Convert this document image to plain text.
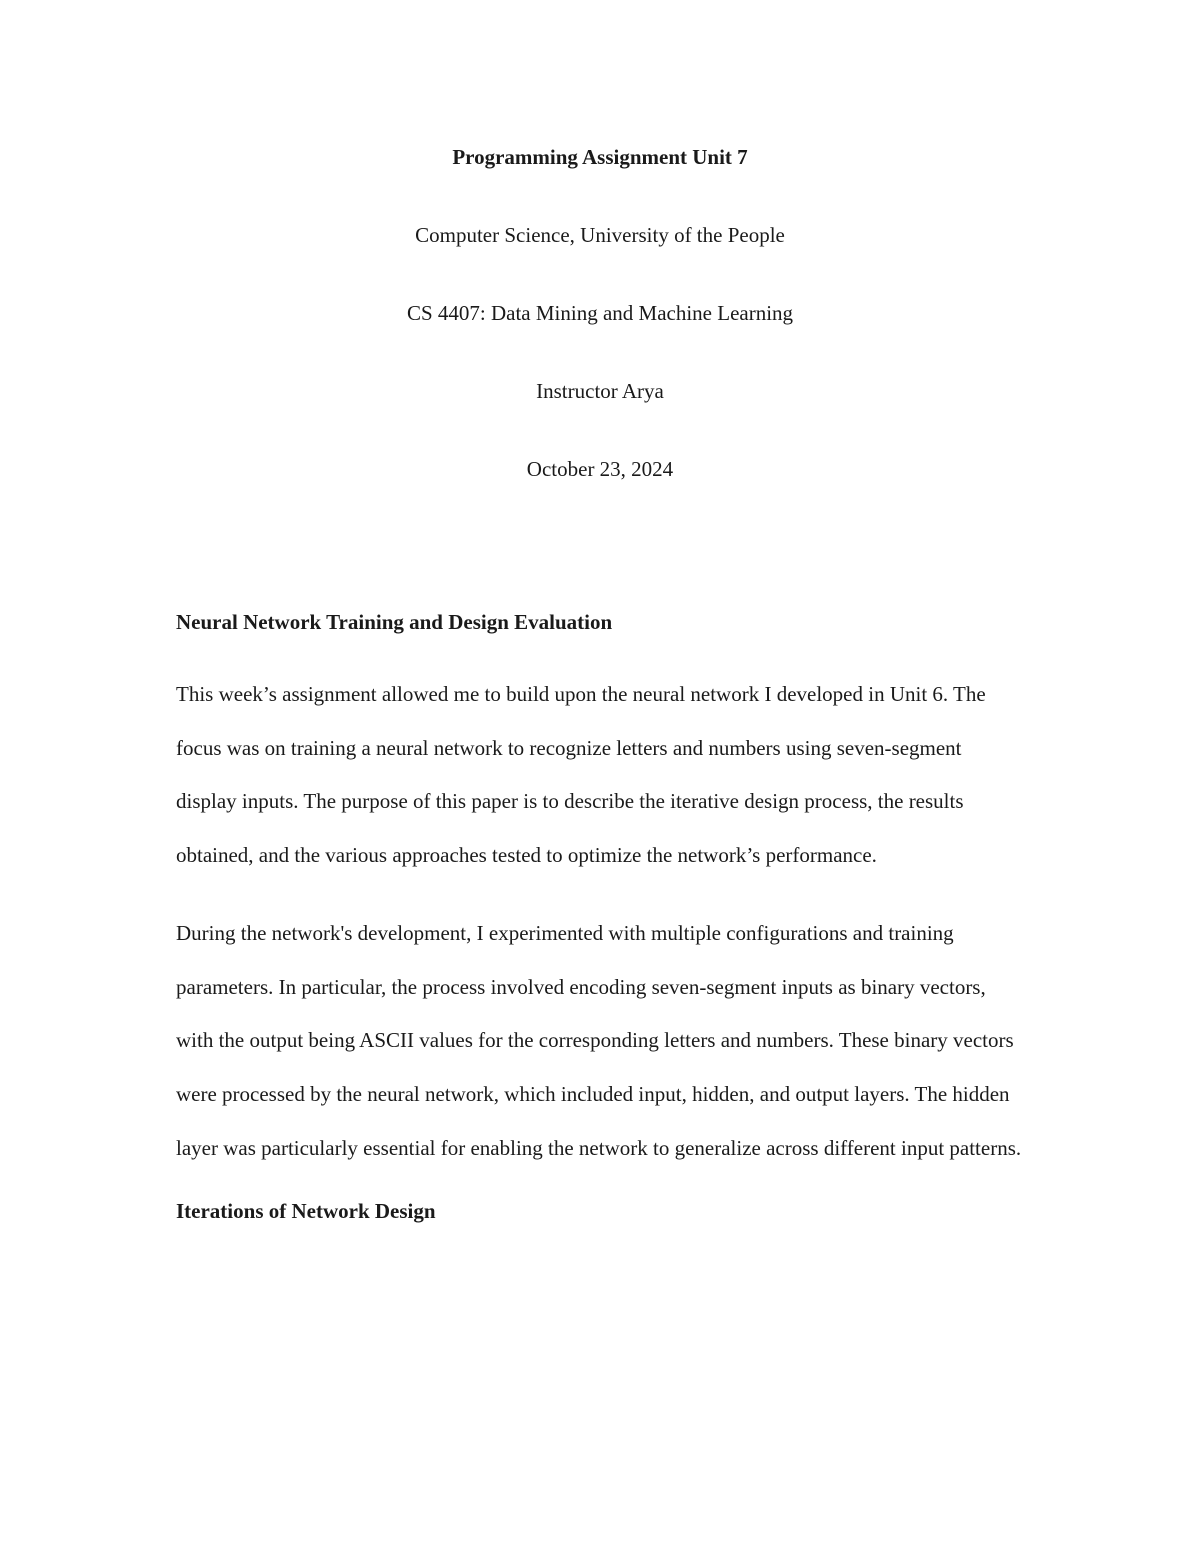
Programming Assignment Unit 7
Computer Science, University of the People
CS 4407: Data Mining and Machine Learning
Instructor Arya
October 23, 2024
Neural Network Training and Design Evaluation

This week’s assignment allowed me to build upon the neural network I developed in Unit 6. The focus was on training a neural network to recognize letters and numbers using seven-segment display inputs. The purpose of this paper is to describe the iterative design process, the results obtained, and the various approaches tested to optimize the network’s performance.

During the network's development, I experimented with multiple configurations and training parameters. In particular, the process involved encoding seven-segment inputs as binary vectors, with the output being ASCII values for the corresponding letters and numbers. These binary vectors were processed by the neural network, which included input, hidden, and output layers. The hidden layer was particularly essential for enabling the network to generalize across different input patterns.

Iterations of Network Design
